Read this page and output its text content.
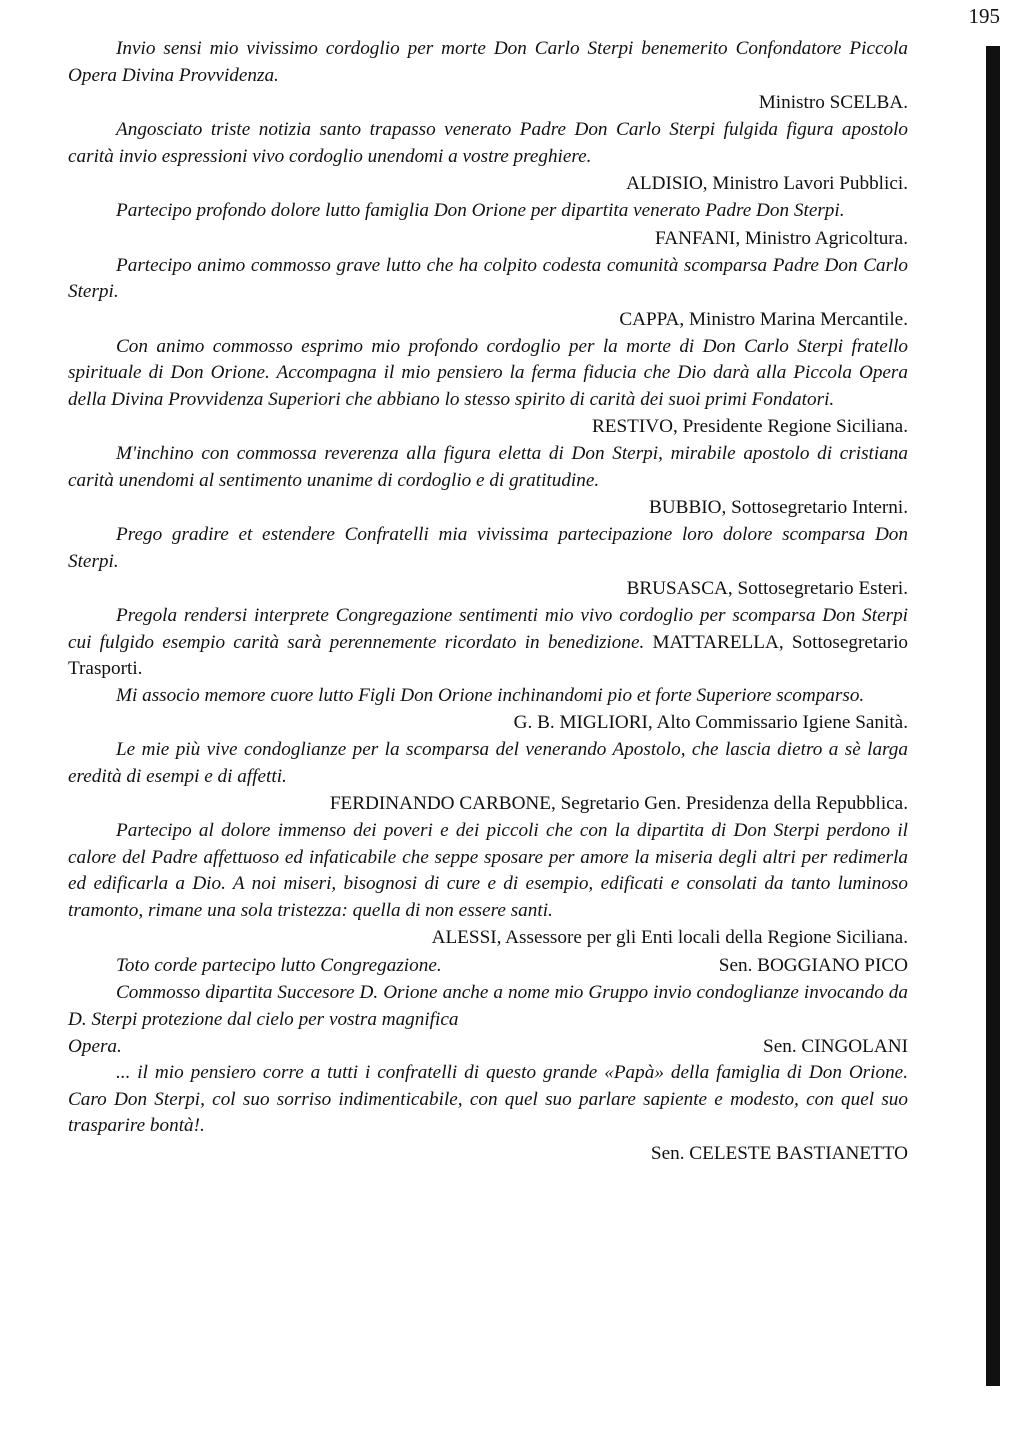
195

Invio sensi mio vivissimo cordoglio per morte Don Carlo Sterpi benemerito Confondatore Piccola Opera Divina Provvidenza.

Ministro SCELBA.

Angosciato triste notizia santo trapasso venerato Padre Don Carlo Sterpi fulgida figura apostolo carità invio espressioni vivo cordoglio unendomi a vostre preghiere.

ALDISIO, Ministro Lavori Pubblici.

Partecipo profondo dolore lutto famiglia Don Orione per dipartita venerato Padre Don Sterpi.

FANFANI, Ministro Agricoltura.

Partecipo animo commosso grave lutto che ha colpito codesta comunità scomparsa Padre Don Carlo Sterpi.

CAPPA, Ministro Marina Mercantile.

Con animo commosso esprimo mio profondo cordoglio per la morte di Don Carlo Sterpi fratello spirituale di Don Orione. Accompagna il mio pensiero la ferma fiducia che Dio darà alla Piccola Opera della Divina Provvidenza Superiori che abbiano lo stesso spirito di carità dei suoi primi Fondatori.

RESTIVO, Presidente Regione Siciliana.

M'inchino con commossa reverenza alla figura eletta di Don Sterpi, mirabile apostolo di cristiana carità unendomi al sentimento unanime di cordoglio e di gratitudine.

BUBBIO, Sottosegretario Interni.

Prego gradire et estendere Confratelli mia vivissima partecipazione loro dolore scomparsa Don Sterpi.

BRUSASCA, Sottosegretario Esteri.

Pregola rendersi interprete Congregazione sentimenti mio vivo cordoglio per scomparsa Don Sterpi cui fulgido esempio carità sarà perennemente ricordato in benedizione. MATTARELLA, Sottosegretario Trasporti.

Mi associo memore cuore lutto Figli Don Orione inchinandomi pio et forte Superiore scomparso.

G. B. MIGLIORI, Alto Commissario Igiene Sanità.

Le mie più vive condoglianze per la scomparsa del venerando Apostolo, che lascia dietro a sè larga eredità di esempi e di affetti.

FERDINANDO CARBONE, Segretario Gen. Presidenza della Repubblica.

Partecipo al dolore immenso dei poveri e dei piccoli che con la dipartita di Don Sterpi perdono il calore del Padre affettuoso ed infaticabile che seppe sposare per amore la miseria degli altri per redimerla ed edificarla a Dio. A noi miseri, bisognosi di cure e di esempio, edificati e consolati da tanto luminoso tramonto, rimane una sola tristezza: quella di non essere santi.

ALESSI, Assessore per gli Enti locali della Regione Siciliana.

Toto corde partecipo lutto Congregazione.	Sen. BOGGIANO PICO

Commosso dipartita Succesore D. Orione anche a nome mio Gruppo invio condoglianze invocando da D. Sterpi protezione dal cielo per vostra magnifica

Opera.	Sen. CINGOLANI

... il mio pensiero corre a tutti i confratelli di questo grande «Papà» della famiglia di Don Orione. Caro Don Sterpi, col suo sorriso indimenticabile, con quel suo parlare sapiente e modesto, con quel suo trasparire bontà!.

Sen. CELESTE BASTIANETTO
